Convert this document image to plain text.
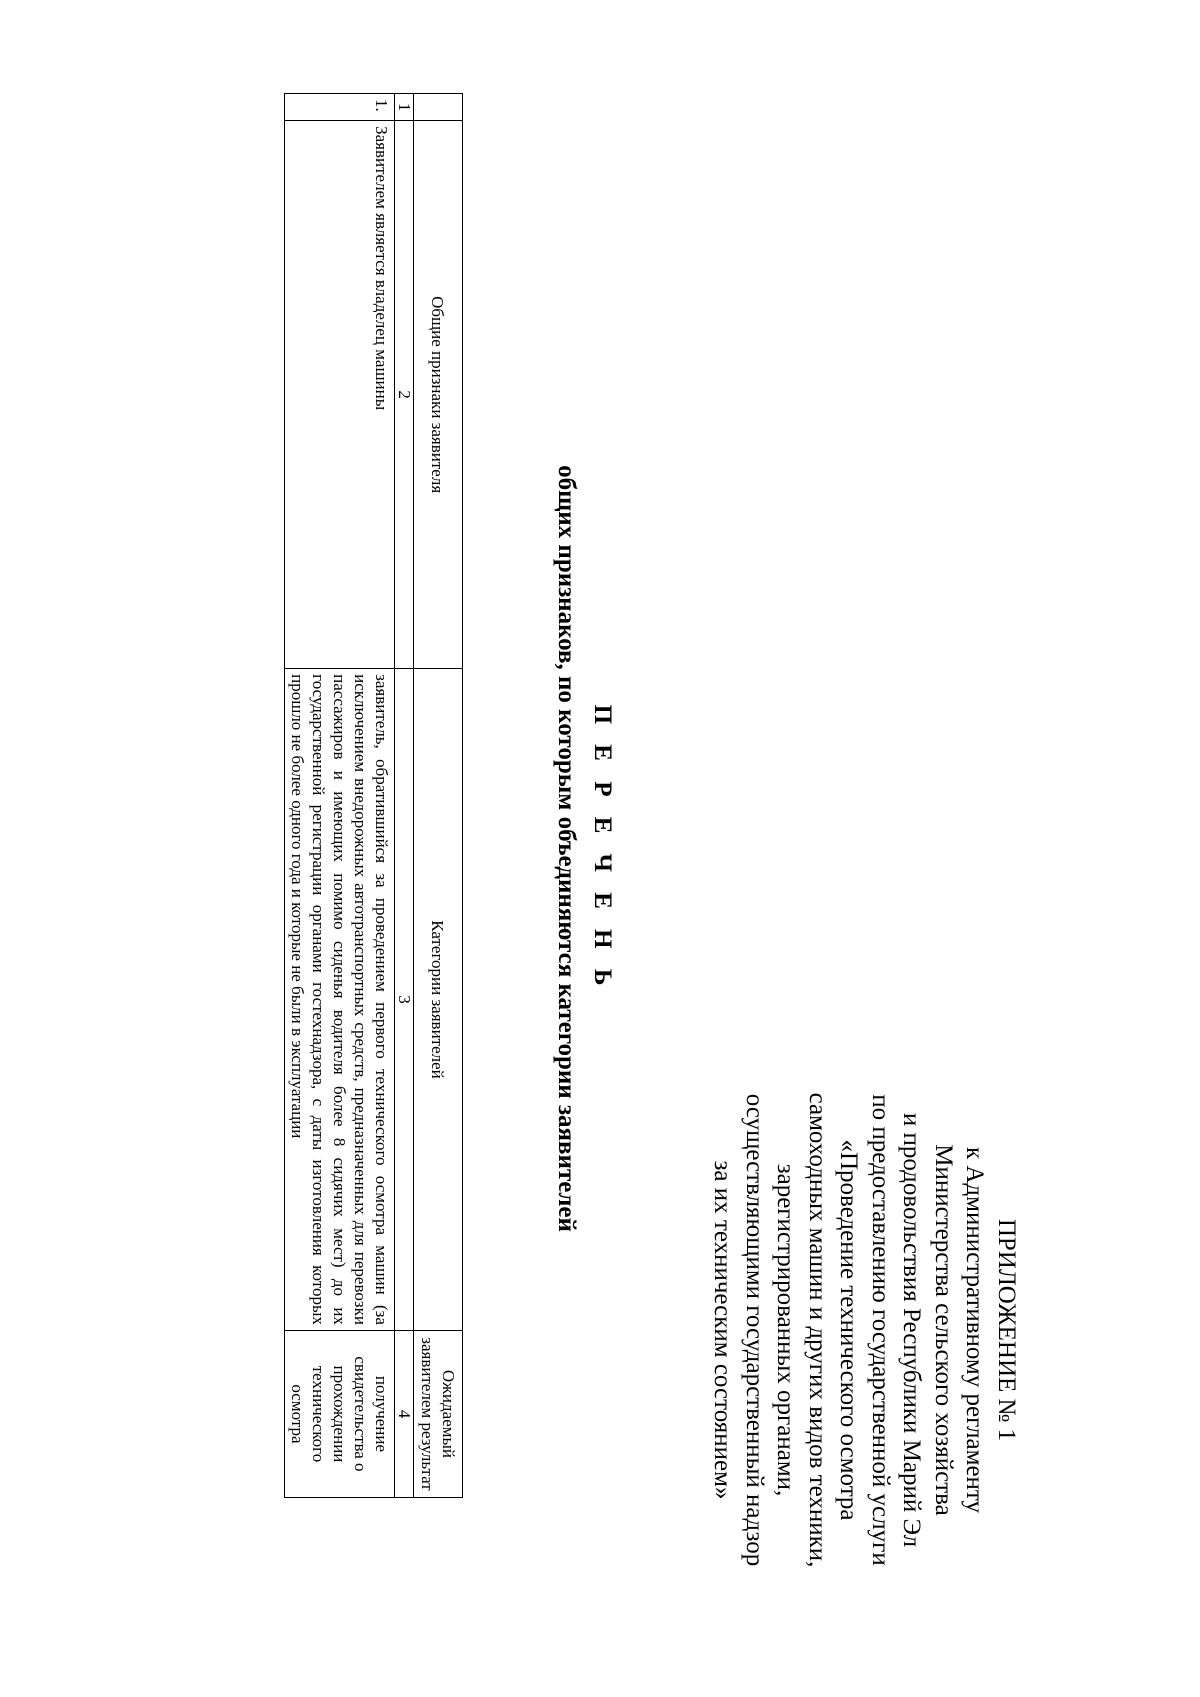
ПРИЛОЖЕНИЕ № 1
к Административному регламенту
Министерства сельского хозяйства
и продовольствия Республики Марий Эл
по предоставлению государственной услуги
«Проведение технического осмотра
самоходных машин и других видов техники,
зарегистрированных органами,
осуществляющими государственный надзор
за их техническим состоянием»
П Е Р Е Ч Е Н Ь
общих признаков, по которым объединяются категории заявителей
	Общие признаки заявителя	Категории заявителей	Ожидаемый заявителем результат
1	2	3	4
1.	Заявителем является владелец машины	заявитель, обратившийся за проведением первого технического осмотра машин (за исключением внедорожных автотранспортных средств, предназначенных для перевозки пассажиров и имеющих помимо сиденья водителя более 8 сидячих мест) до их государственной регистрации органами гостехнадзора, с даты изготовления которых прошло не более одного года и которые не были в эксплуатации	получение свидетельства о прохождении технического осмотра
